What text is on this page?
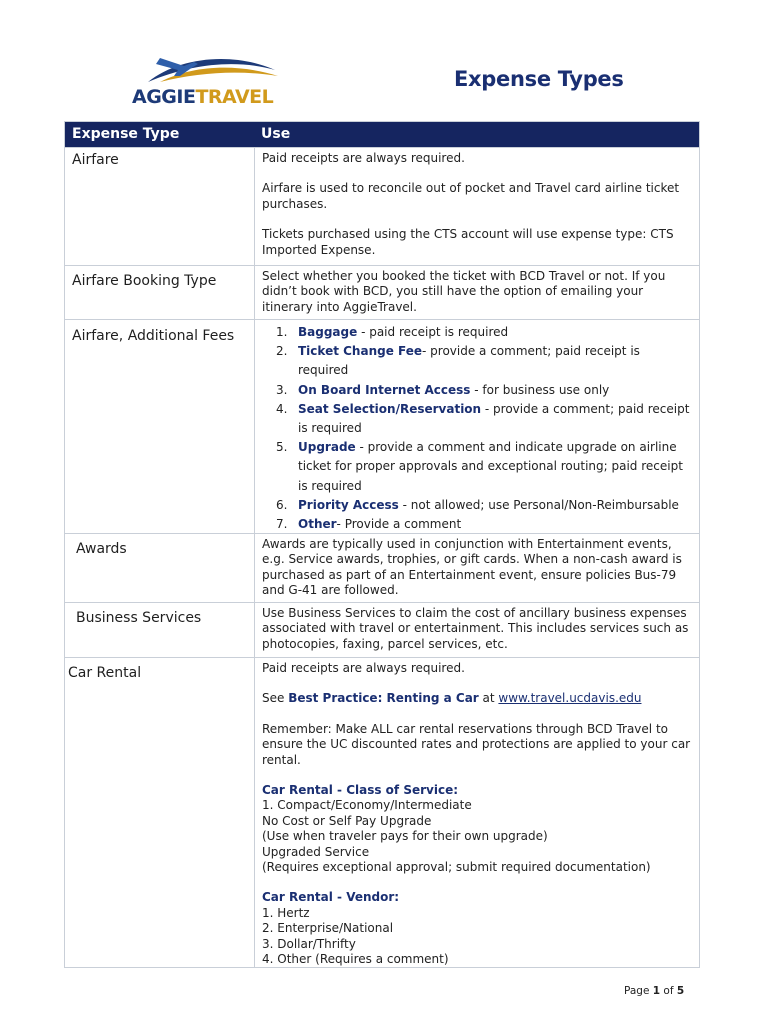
AGGIETRAVEL
Expense Types
Expense Type	Use
Airfare	Paid receipts are always required.

Airfare is used to reconcile out of pocket and Travel card airline ticket purchases.

Tickets purchased using the CTS account will use expense type: CTS Imported Expense.

Airfare Booking Type	Select whether you booked the ticket with BCD Travel or not. If you didn’t book with BCD, you still have the option of emailing your itinerary into AggieTravel.

Airfare, Additional Fees	1. Baggage - paid receipt is required
2. Ticket Change Fee- provide a comment; paid receipt is
required
3. On Board Internet Access - for business use only
4. Seat Selection/Reservation - provide a comment; paid receipt
is required
5. Upgrade - provide a comment and indicate upgrade on airline
ticket for proper approvals and exceptional routing; paid receipt
is required
6. Priority Access - not allowed; use Personal/Non-Reimbursable
7. Other- Provide a comment
Awards	Awards are typically used in conjunction with Entertainment events, e.g. Service awards, trophies, or gift cards. When a non-cash award is purchased as part of an Entertainment event, ensure policies Bus-79 and G-41 are followed.

Business Services	Use Business Services to claim the cost of ancillary business expenses associated with travel or entertainment. This includes services such as photocopies, faxing, parcel services, etc.

Car Rental	Paid receipts are always required.

See Best Practice: Renting a Car at www.travel.ucdavis.edu

Remember: Make ALL car rental reservations through BCD Travel to ensure the UC discounted rates and protections are applied to your car rental.

Car Rental - Class of Service:
1. Compact/Economy/Intermediate
No Cost or Self Pay Upgrade
(Use when traveler pays for their own upgrade)
Upgraded Service
(Requires exceptional approval; submit required documentation)

Car Rental - Vendor:
1. Hertz
2. Enterprise/National
3. Dollar/Thrifty
4. Other (Requires a comment)

Page 1 of 5
